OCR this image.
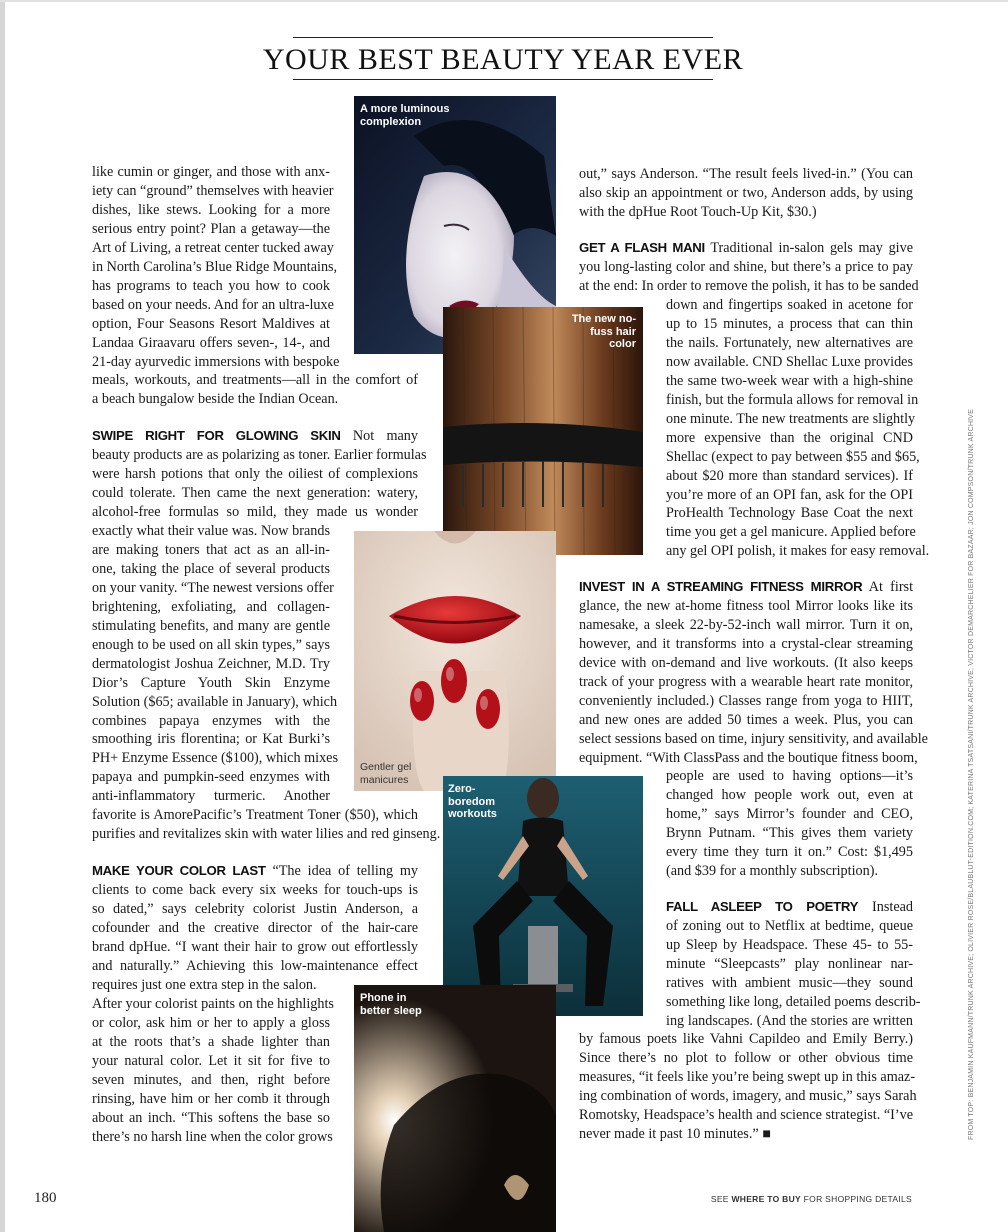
YOUR BEST BEAUTY YEAR EVER
A more luminous complexion
The new no-fuss hair color
Gentler gel manicures
Zero-boredom workouts
Phone in better sleep
like cumin or ginger, and those with anx-
iety can “ground” themselves with heavier
dishes, like stews. Looking for a more
serious entry point? Plan a getaway—the
Art of Living, a retreat center tucked away
in North Carolina’s Blue Ridge Mountains,
has programs to teach you how to cook
based on your needs. And for an ultra-luxe
option, Four Seasons Resort Maldives at
Landaa Giraavaru offers seven-, 14-, and
21-day ayurvedic immersions with bespoke
meals, workouts, and treatments—all in the comfort of
a beach bungalow beside the Indian Ocean.
SWIPE RIGHT FOR GLOWING SKIN Not many
beauty products are as polarizing as toner. Earlier formulas
were harsh potions that only the oiliest of complexions
could tolerate. Then came the next generation: watery,
alcohol-free formulas so mild, they made us wonder
exactly what their value was. Now brands
are making toners that act as an all-in-
one, taking the place of several products
on your vanity. “The newest versions offer
brightening, exfoliating, and collagen-
stimulating benefits, and many are gentle
enough to be used on all skin types,” says
dermatologist Joshua Zeichner, M.D. Try
Dior’s Capture Youth Skin Enzyme
Solution ($65; available in January), which
combines papaya enzymes with the
smoothing iris florentina; or Kat Burki’s
PH+ Enzyme Essence ($100), which mixes
papaya and pumpkin-seed enzymes with
anti-inflammatory turmeric. Another
favorite is AmorePacific’s Treatment Toner ($50), which
purifies and revitalizes skin with water lilies and red ginseng.
MAKE YOUR COLOR LAST “The idea of telling my
clients to come back every six weeks for touch-ups is
so dated,” says celebrity colorist Justin Anderson, a
cofounder and the creative director of the hair-care
brand dpHue. “I want their hair to grow out effortlessly
and naturally.” Achieving this low-maintenance effect
requires just one extra step in the salon.
After your colorist paints on the highlights
or color, ask him or her to apply a gloss
at the roots that’s a shade lighter than
your natural color. Let it sit for five to
seven minutes, and then, right before
rinsing, have him or her comb it through
about an inch. “This softens the base so
there’s no harsh line when the color grows
out,” says Anderson. “The result feels lived-in.” (You can
also skip an appointment or two, Anderson adds, by using
with the dpHue Root Touch-Up Kit, $30.)
GET A FLASH MANI Traditional in-salon gels may give
you long-lasting color and shine, but there’s a price to pay
at the end: In order to remove the polish, it has to be sanded
down and fingertips soaked in acetone for
up to 15 minutes, a process that can thin
the nails. Fortunately, new alternatives are
now available. CND Shellac Luxe provides
the same two-week wear with a high-shine
finish, but the formula allows for removal in
one minute. The new treatments are slightly
more expensive than the original CND
Shellac (expect to pay between $55 and $65,
about $20 more than standard services). If
you’re more of an OPI fan, ask for the OPI
ProHealth Technology Base Coat the next
time you get a gel manicure. Applied before
any gel OPI polish, it makes for easy removal.
INVEST IN A STREAMING FITNESS MIRROR At first
glance, the new at-home fitness tool Mirror looks like its
namesake, a sleek 22-by-52-inch wall mirror. Turn it on,
however, and it transforms into a crystal-clear streaming
device with on-demand and live workouts. (It also keeps
track of your progress with a wearable heart rate monitor,
conveniently included.) Classes range from yoga to HIIT,
and new ones are added 50 times a week. Plus, you can
select sessions based on time, injury sensitivity, and available
equipment. “With ClassPass and the boutique fitness boom,
people are used to having options—it’s
changed how people work out, even at
home,” says Mirror’s founder and CEO,
Brynn Putnam. “This gives them variety
every time they turn it on.” Cost: $1,495
(and $39 for a monthly subscription).
FALL ASLEEP TO POETRY Instead
of zoning out to Netflix at bedtime, queue
up Sleep by Headspace. These 45- to 55-
minute “Sleepcasts” play nonlinear nar-
ratives with ambient music—they sound
something like long, detailed poems describ-
ing landscapes. (And the stories are written
by famous poets like Vahni Capildeo and Emily Berry.)
Since there’s no plot to follow or other obvious time
measures, “it feels like you’re being swept up in this amaz-
ing combination of words, imagery, and music,” says Sarah
Romotsky, Headspace’s health and science strategist. “I’ve
never made it past 10 minutes.” ■
180	SEE WHERE TO BUY FOR SHOPPING DETAILS
FROM TOP: BENJAMIN KAUFMANN/TRUNK ARCHIVE; OLIVIER ROSE/BLAUBLUT-EDITION.COM; KATERINA TSATSANI/TRUNK ARCHIVE; VICTOR DEMARCHELIER FOR BAZAAR; JON COMPSON/TRUNK ARCHIVE
